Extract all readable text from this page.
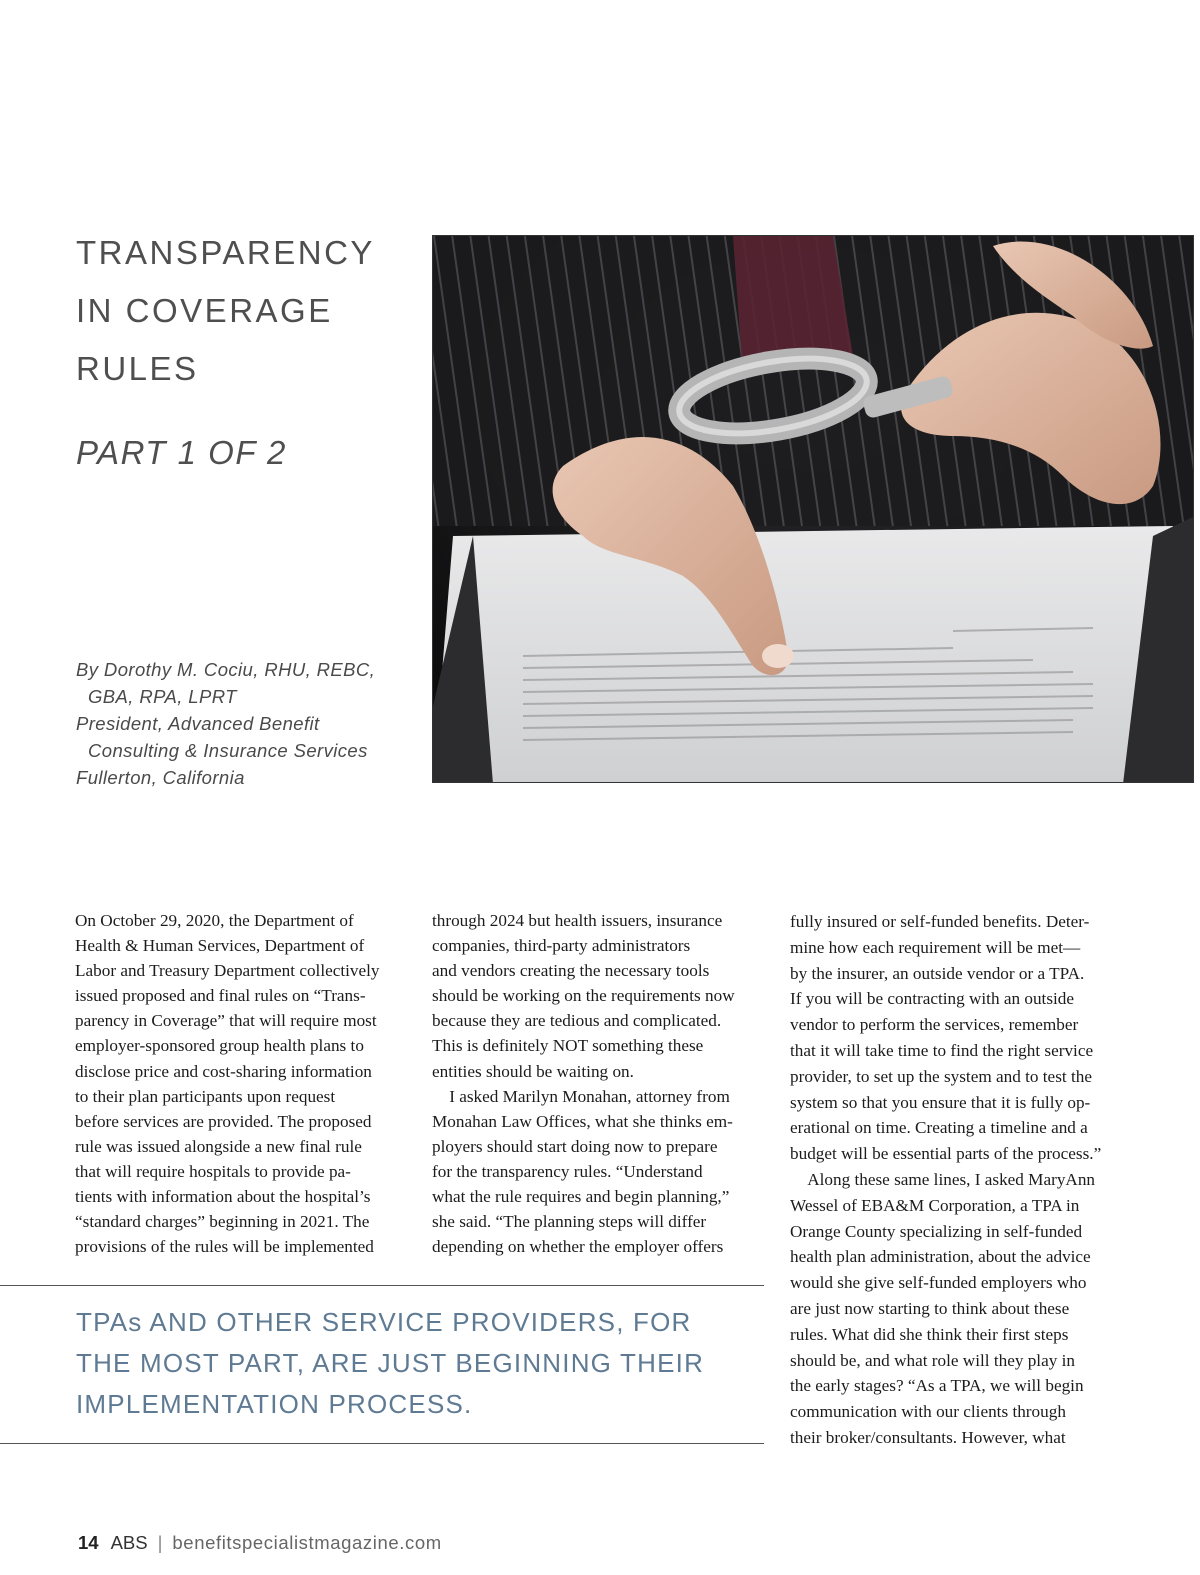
TRANSPARENCY
IN COVERAGE
RULES
PART 1 OF 2
By Dorothy M. Cociu, RHU, REBC,
GBA, RPA, LPRT
President, Advanced Benefit
Consulting & Insurance Services
Fullerton, California

On October 29, 2020, the Department of

Health & Human Services, Department of

Labor and Treasury Department collectively

issued proposed and final rules on “Trans-

parency in Coverage” that will require most

employer-sponsored group health plans to

disclose price and cost-sharing information

to their plan participants upon request

before services are provided. The proposed

rule was issued alongside a new final rule

that will require hospitals to provide pa-

tients with information about the hospital’s

“standard charges” beginning in 2021. The

provisions of the rules will be implemented

through 2024 but health issuers, insurance

companies, third-party administrators

and vendors creating the necessary tools

should be working on the requirements now

because they are tedious and complicated.

This is definitely NOT something these

entities should be waiting on.

 I asked Marilyn Monahan, attorney from

Monahan Law Offices, what she thinks em-

ployers should start doing now to prepare

for the transparency rules. “Understand

what the rule requires and begin planning,”

she said. “The planning steps will differ

depending on whether the employer offers

fully insured or self-funded benefits. Deter-

mine how each requirement will be met—

by the insurer, an outside vendor or a TPA.

If you will be contracting with an outside

vendor to perform the services, remember

that it will take time to find the right service

provider, to set up the system and to test the

system so that you ensure that it is fully op-

erational on time. Creating a timeline and a

budget will be essential parts of the process.”

 Along these same lines, I asked MaryAnn

Wessel of EBA&M Corporation, a TPA in

Orange County specializing in self-funded

health plan administration, about the advice

would she give self-funded employers who

are just now starting to think about these

rules. What did she think their first steps

should be, and what role will they play in

the early stages? “As a TPA, we will begin

communication with our clients through

their broker/consultants. However, what

TPAs AND OTHER SERVICE PROVIDERS, FOR
THE MOST PART, ARE JUST BEGINNING THEIR
IMPLEMENTATION PROCESS.
14 ABS | benefitspecialistmagazine.com
